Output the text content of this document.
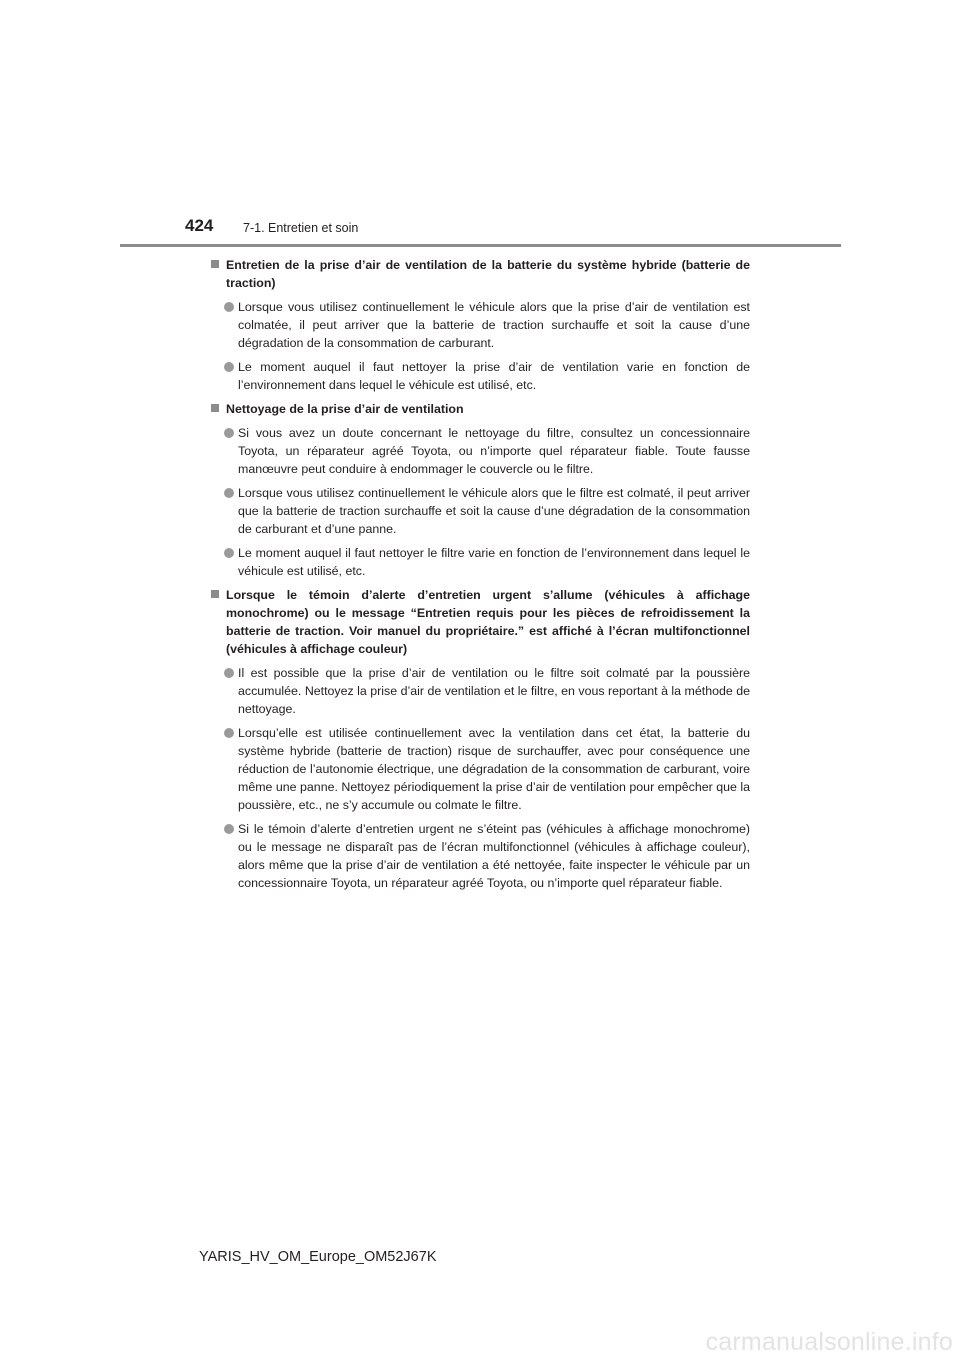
424 7-1. Entretien et soin
Entretien de la prise d’air de ventilation de la batterie du système hybride (batterie de traction)
Lorsque vous utilisez continuellement le véhicule alors que la prise d’air de ventilation est colmatée, il peut arriver que la batterie de traction surchauffe et soit la cause d’une dégradation de la consommation de carburant.
Le moment auquel il faut nettoyer la prise d’air de ventilation varie en fonction de l’environnement dans lequel le véhicule est utilisé, etc.
Nettoyage de la prise d’air de ventilation
Si vous avez un doute concernant le nettoyage du filtre, consultez un concessionnaire Toyota, un réparateur agréé Toyota, ou n’importe quel réparateur fiable. Toute fausse manœuvre peut conduire à endommager le couvercle ou le filtre.
Lorsque vous utilisez continuellement le véhicule alors que le filtre est colmaté, il peut arriver que la batterie de traction surchauffe et soit la cause d’une dégradation de la consommation de carburant et d’une panne.
Le moment auquel il faut nettoyer le filtre varie en fonction de l’environnement dans lequel le véhicule est utilisé, etc.
Lorsque le témoin d’alerte d’entretien urgent s’allume (véhicules à affichage monochrome) ou le message “Entretien requis pour les pièces de refroidissement la batterie de traction. Voir manuel du propriétaire.” est affiché à l’écran multifonctionnel (véhicules à affichage couleur)
Il est possible que la prise d’air de ventilation ou le filtre soit colmaté par la poussière accumulée. Nettoyez la prise d’air de ventilation et le filtre, en vous reportant à la méthode de nettoyage.
Lorsqu’elle est utilisée continuellement avec la ventilation dans cet état, la batterie du système hybride (batterie de traction) risque de surchauffer, avec pour conséquence une réduction de l’autonomie électrique, une dégradation de la consommation de carburant, voire même une panne. Nettoyez périodiquement la prise d’air de ventilation pour empêcher que la poussière, etc., ne s’y accumule ou colmate le filtre.
Si le témoin d’alerte d’entretien urgent ne s’éteint pas (véhicules à affichage monochrome) ou le message ne disparaît pas de l’écran multifonctionnel (véhicules à affichage couleur), alors même que la prise d’air de ventilation a été nettoyée, faite inspecter le véhicule par un concessionnaire Toyota, un réparateur agréé Toyota, ou n’importe quel réparateur fiable.
YARIS_HV_OM_Europe_OM52J67K
carmanualsonline.info
